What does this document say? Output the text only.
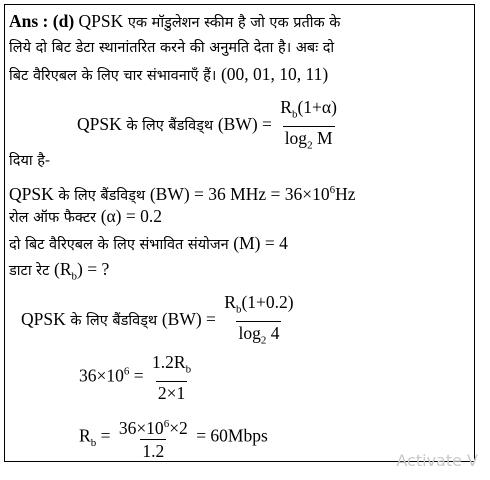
Ans : (d) QPSK एक मॉडुलेशन स्कीम है जो एक प्रतीक के
लिये दो बिट डेटा स्थानांतरित करने की अनुमति देता है। अबः दो
बिट वैरिएबल के लिए चार संभावनाएँ हैं। (00, 01, 10, 11)
QPSK के लिए बैंडविड्थ $(BW) = \frac{R_b(1+\alpha)}{\log_2 M}$
दिया है-
QPSK के लिए बैंडविड्थ (BW) = 36 MHz = $36\times 10^6Hz$
रोल ऑफ फैक्टर (α) = 0.2
दो बिट वैरिएबल के लिए संभावित संयोजन (M) = 4
डाटा रेट $(R_b)$ = ?
QPSK के लिए बैंडविड्थ $(BW) = \frac{R_b(1+0.2)}{\log_2 4}$
$36\times 10^6 = \frac{1.2R_b}{2\times 1}$
$R_b = \frac{36\times 10^6\times 2}{1.2}$ = 60Mbps
Activate V
